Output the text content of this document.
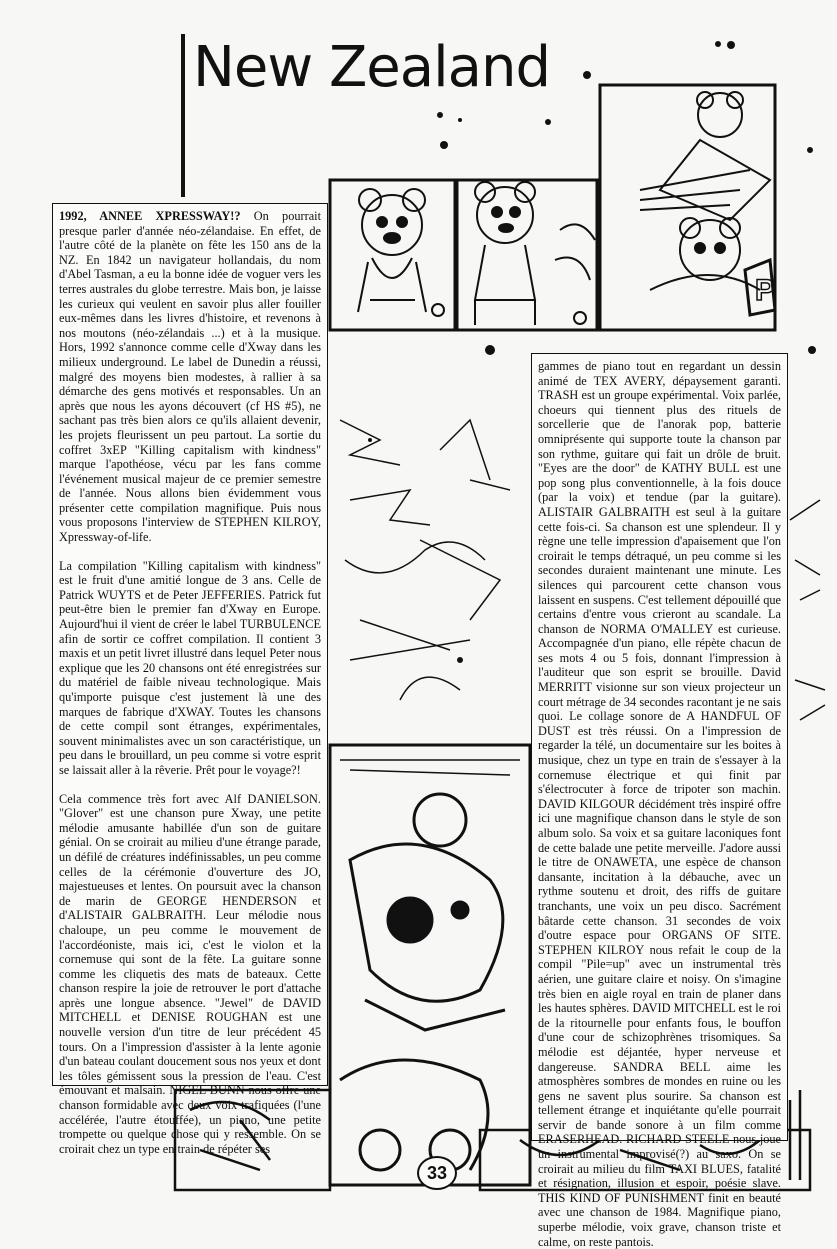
P
New Zealand

1992, ANNEE XPRESSWAY!? On pourrait presque parler d'année néo-zélandaise. En effet, de l'autre côté de la planète on fête les 150 ans de la NZ. En 1842 un navigateur hollandais, du nom d'Abel Tasman, a eu la bonne idée de voguer vers les terres australes du globe terrestre. Mais bon, je laisse les curieux qui veulent en savoir plus aller fouiller eux-mêmes dans les livres d'histoire, et revenons à nos moutons (néo-zélandais ...) et à la musique. Hors, 1992 s'annonce comme celle d'Xway dans les milieux underground. Le label de Dunedin a réussi, malgré des moyens bien modestes, à rallier à sa démarche des gens motivés et responsables. Un an après que nous les ayons découvert (cf HS #5), ne sachant pas très bien alors ce qu'ils allaient devenir, les projets fleurissent un peu partout. La sortie du coffret 3xEP "Killing capitalism with kindness" marque l'apothéose, vécu par les fans comme l'événement musical majeur de ce premier semestre de l'année. Nous allons bien évidemment vous présenter cette compilation magnifique. Puis nous vous proposons l'interview de STEPHEN KILROY, Xpressway-of-life.

La compilation "Killing capitalism with kindness" est le fruit d'une amitié longue de 3 ans. Celle de Patrick WUYTS et de Peter JEFFERIES. Patrick fut peut-être bien le premier fan d'Xway en Europe. Aujourd'hui il vient de créer le label TURBULENCE afin de sortir ce coffret compilation. Il contient 3 maxis et un petit livret illustré dans lequel Peter nous explique que les 20 chansons ont été enregistrées sur du matériel de faible niveau technologique. Mais qu'importe puisque c'est justement là une des marques de fabrique d'XWAY. Toutes les chansons de cette compil sont étranges, expérimentales, souvent minimalistes avec un son caractéristique, un peu dans le brouillard, un peu comme si votre esprit se laissait aller à la rêverie. Prêt pour le voyage?!

Cela commence très fort avec Alf DANIELSON. "Glover" est une chanson pure Xway, une petite mélodie amusante habillée d'un son de guitare génial. On se croirait au milieu d'une étrange parade, un défilé de créatures indéfinissables, un peu comme celles de la cérémonie d'ouverture des JO, majestueuses et lentes. On poursuit avec la chanson de marin de GEORGE HENDERSON et d'ALISTAIR GALBRAITH. Leur mélodie nous chaloupe, un peu comme le mouvement de l'accordéoniste, mais ici, c'est le violon et la cornemuse qui sont de la fête. La guitare sonne comme les cliquetis des mats de bateaux. Cette chanson respire la joie de retrouver le port d'attache après une longue absence. "Jewel" de DAVID MITCHELL et DENISE ROUGHAN est une nouvelle version d'un titre de leur précédent 45 tours. On a l'impression d'assister à la lente agonie d'un bateau coulant doucement sous nos yeux et dont les tôles gémissent sous la pression de l'eau. C'est émouvant et malsain. NIGEL BUNN nous offre une chanson formidable avec deux voix trafiquées (l'une accélérée, l'autre étouffée), un piano, une petite trompette ou quelque chose qui y ressemble. On se croirait chez un type en train de répéter ses

gammes de piano tout en regardant un dessin animé de TEX AVERY, dépaysement garanti. TRASH est un groupe expérimental. Voix parlée, choeurs qui tiennent plus des rituels de sorcellerie que de l'anorak pop, batterie omniprésente qui supporte toute la chanson par son rythme, guitare qui fait un drôle de bruit. "Eyes are the door" de KATHY BULL est une pop song plus conventionnelle, à la fois douce (par la voix) et tendue (par la guitare). ALISTAIR GALBRAITH est seul à la guitare cette fois-ci. Sa chanson est une splendeur. Il y règne une telle impression d'apaisement que l'on croirait le temps détraqué, un peu comme si les secondes duraient maintenant une minute. Les silences qui parcourent cette chanson vous laissent en suspens. C'est tellement dépouillé que certains d'entre vous crieront au scandale. La chanson de NORMA O'MALLEY est curieuse. Accompagnée d'un piano, elle répète chacun de ses mots 4 ou 5 fois, donnant l'impression à l'auditeur que son esprit se brouille. David MERRITT visionne sur son vieux projecteur un court métrage de 34 secondes racontant je ne sais quoi. Le collage sonore de A HANDFUL OF DUST est très réussi. On a l'impression de regarder la télé, un documentaire sur les boites à musique, chez un type en train de s'essayer à la cornemuse électrique et qui finit par s'électrocuter à force de tripoter son machin. DAVID KILGOUR décidément très inspiré offre ici une magnifique chanson dans le style de son album solo. Sa voix et sa guitare laconiques font de cette balade une petite merveille. J'adore aussi le titre de ONAWETA, une espèce de chanson dansante, incitation à la débauche, avec un rythme soutenu et droit, des riffs de guitare tranchants, une voix un peu disco. Sacrément bâtarde cette chanson. 31 secondes de voix d'outre espace pour ORGANS OF SITE. STEPHEN KILROY nous refait le coup de la compil "Pile=up" avec un instrumental très aérien, une guitare claire et noisy. On s'imagine très bien en aigle royal en train de planer dans les hautes sphères. DAVID MITCHELL est le roi de la ritournelle pour enfants fous, le bouffon d'une cour de schizophrènes trisomiques. Sa mélodie est déjantée, hyper nerveuse et dangereuse. SANDRA BELL aime les atmosphères sombres de mondes en ruine ou les gens ne savent plus sourire. Sa chanson est tellement étrange et inquiétante qu'elle pourrait servir de bande sonore à un film comme ERASERHEAD. RICHARD STEELE nous joue un instrumental improvisé(?) au saxo. On se croirait au milieu du film TAXI BLUES, fatalité et résignation, illusion et espoir, poésie slave. THIS KIND OF PUNISHMENT finit en beauté avec une chanson de 1984. Magnifique piano, superbe mélodie, voix grave, chanson triste et calme, on reste pantois.

33
